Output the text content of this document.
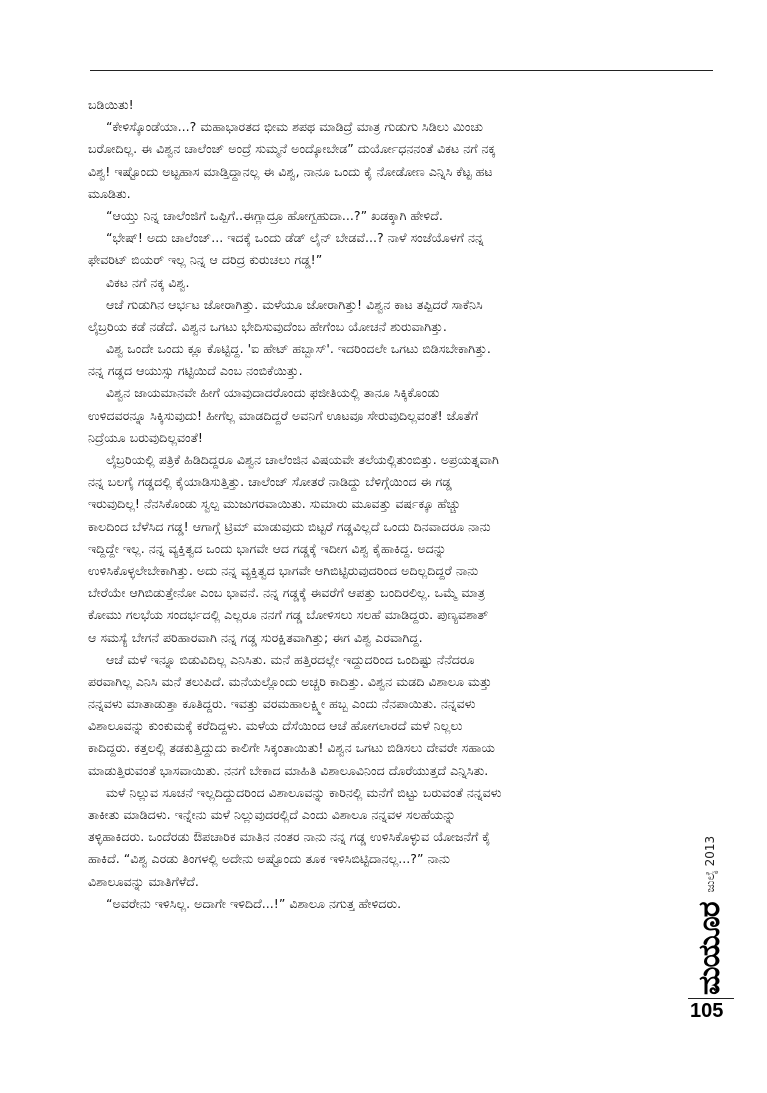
ಬಡಿಯಿತು!
“ಕೇಳಿಸ್ಕೊಂಡೆಯಾ...? ಮಹಾಭಾರತದ ಭೀಮ ಶಪಥ ಮಾಡಿದ್ರೆ ಮಾತ್ರ ಗುಡುಗು ಸಿಡಿಲು ಮಿಂಚು
ಬರೋದಿಲ್ಲ. ಈ ವಿಶ್ವನ ಚಾಲೆಂಜ್ ಅಂದ್ರೆ ಸುಮ್ಮನೆ ಅಂದ್ಕೋಬೇಡ” ದುರ್ಯೋಧನನಂತೆ ವಿಕಟ ನಗೆ ನಕ್ಕ
ವಿಶ್ವ! ಇಷ್ಟೊಂದು ಅಟ್ಟಹಾಸ ಮಾಡ್ತಿದ್ದಾನಲ್ಲ ಈ ವಿಶ್ವ, ನಾನೂ ಒಂದು ಕೈ ನೋಡೋಣ ಎನ್ನಿಸಿ ಕೆಟ್ಟ ಹಟ
ಮೂಡಿತು.
“ಆಯ್ತು ನಿನ್ನ ಚಾಲೆಂಜಿಗೆ ಒಪ್ಪಿಗೆ..ಈಗ್ಲಾದ್ರೂ ಹೋಗ್ಬಹುದಾ...?” ಖಡಕ್ಕಾಗಿ ಹೇಳಿದೆ.
“ಭೇಷ್! ಅದು ಚಾಲೆಂಜ್... ಇದಕ್ಕೆ ಒಂದು ಡೆಡ್ ಲೈನ್ ಬೇಡವೆ...? ನಾಳೆ ಸಂಜೆಯೊಳಗೆ ನನ್ನ
ಫೇವರಿಟ್ ಬಿಯರ್ ಇಲ್ಲ ನಿನ್ನ ಆ ದರಿದ್ರ ಕುರುಚಲು ಗಡ್ಡ!”
ವಿಕಟ ನಗೆ ನಕ್ಕ ವಿಶ್ವ.
ಆಚೆ ಗುಡುಗಿನ ಆರ್ಭಟ ಜೋರಾಗಿತ್ತು. ಮಳೆಯೂ ಜೋರಾಗಿತ್ತು! ವಿಶ್ವನ ಕಾಟ ತಪ್ಪಿದರೆ ಸಾಕೆನಿಸಿ
ಲೈಬ್ರರಿಯ ಕಡೆ ನಡೆದೆ. ವಿಶ್ವನ ಒಗಟು ಭೇದಿಸುವುದೆಂಬ ಹೇಗೆಂಬ ಯೋಚನೆ ಶುರುವಾಗಿತ್ತು.
ವಿಶ್ವ ಒಂದೇ ಒಂದು ಕ್ಲೂ ಕೊಟ್ಟಿದ್ದ. 'ಐ ಹೇಟ್ ಹಬ್ಬಾಸ್'. ಇದರಿಂದಲೇ ಒಗಟು ಬಿಡಿಸಬೇಕಾಗಿತ್ತು.
ನನ್ನ ಗಡ್ಡದ ಆಯುಸ್ಸು ಗಟ್ಟಿಯಿದೆ ಎಂಬ ನಂಬಿಕೆಯಿತ್ತು.
ವಿಶ್ವನ ಜಾಯಮಾನವೇ ಹೀಗೆ ಯಾವುದಾದರೊಂದು ಫಜೀತಿಯಲ್ಲಿ ತಾನೂ ಸಿಕ್ಕಿಕೊಂಡು
ಉಳಿದವರನ್ನೂ ಸಿಕ್ಕಿಸುವುದು! ಹೀಗೆಲ್ಲ ಮಾಡದಿದ್ದರೆ ಅವನಿಗೆ ಊಟವೂ ಸೇರುವುದಿಲ್ಲವಂತೆ! ಜೊತೆಗೆ
ನಿದ್ರೆಯೂ ಬರುವುದಿಲ್ಲವಂತೆ!
ಲೈಬ್ರರಿಯಲ್ಲಿ ಪತ್ರಿಕೆ ಹಿಡಿದಿದ್ದರೂ ವಿಶ್ವನ ಚಾಲೆಂಜಿನ ವಿಷಯವೇ ತಲೆಯಲ್ಲಿತುಂಬಿತ್ತು. ಅಪ್ರಯತ್ನವಾಗಿ
ನನ್ನ ಬಲಗೈ ಗಡ್ಡದಲ್ಲಿ ಕೈಯಾಡಿಸುತ್ತಿತ್ತು. ಚಾಲೆಂಜ್ ಸೋತರೆ ನಾಡಿದ್ದು ಬೆಳಿಗ್ಗೆಯಿಂದ ಈ ಗಡ್ಡ
ಇರುವುದಿಲ್ಲ! ನೆನಸಿಕೊಂಡು ಸ್ವಲ್ಪ ಮುಜುಗರವಾಯಿತು. ಸುಮಾರು ಮೂವತ್ತು ವರ್ಷಕ್ಕೂ ಹೆಚ್ಚು
ಕಾಲದಿಂದ ಬೆಳೆಸಿದ ಗಡ್ಡ! ಆಗಾಗ್ಗೆ ಟ್ರಿಮ್ ಮಾಡುವುದು ಬಿಟ್ಟರೆ ಗಡ್ಡವಿಲ್ಲದೆ ಒಂದು ದಿನವಾದರೂ ನಾನು
ಇದ್ದಿದ್ದೇ ಇಲ್ಲ. ನನ್ನ ವ್ಯಕ್ತಿತ್ವದ ಒಂದು ಭಾಗವೇ ಆದ ಗಡ್ಡಕ್ಕೆ ಇದೀಗ ವಿಶ್ವ ಕೈಹಾಕಿದ್ದ. ಅದನ್ನು
ಉಳಿಸಿಕೊಳ್ಳಲೇಬೇಕಾಗಿತ್ತು. ಅದು ನನ್ನ ವ್ಯಕ್ತಿತ್ವದ ಭಾಗವೇ ಆಗಿಬಿಟ್ಟಿರುವುದರಿಂದ ಅದಿಲ್ಲದಿದ್ದರೆ ನಾನು
ಬೇರೆಯೇ ಆಗಿಬಿಡುತ್ತೇನೋ ಎಂಬ ಭಾವನೆ. ನನ್ನ ಗಡ್ಡಕ್ಕೆ ಈವರೆಗೆ ಆಪತ್ತು ಬಂದಿರಲಿಲ್ಲ. ಒಮ್ಮೆ ಮಾತ್ರ
ಕೋಮು ಗಲಭೆಯ ಸಂದರ್ಭದಲ್ಲಿ ಎಲ್ಲರೂ ನನಗೆ ಗಡ್ಡ ಬೋಳಿಸಲು ಸಲಹೆ ಮಾಡಿದ್ದರು. ಪುಣ್ಯವಶಾತ್
ಆ ಸಮಸ್ಯೆ ಬೇಗನೆ ಪರಿಹಾರವಾಗಿ ನನ್ನ ಗಡ್ಡ ಸುರಕ್ಷಿತವಾಗಿತ್ತು; ಈಗ ವಿಶ್ವ ಎರವಾಗಿದ್ದ.
ಆಚೆ ಮಳೆ ಇನ್ನೂ ಬಿಡುವಿದಿಲ್ಲ ಎನಿಸಿತು. ಮನೆ ಹತ್ತಿರದಲ್ಲೇ ಇದ್ದುದರಿಂದ ಒಂದಿಷ್ಟು ನೆನೆದರೂ
ಪರವಾಗಿಲ್ಲ ಎನಿಸಿ ಮನೆ ತಲುಪಿದೆ. ಮನೆಯಲ್ಲೊಂದು ಅಚ್ಚರಿ ಕಾದಿತ್ತು. ವಿಶ್ವನ ಮಡದಿ ವಿಶಾಲೂ ಮತ್ತು
ನನ್ನವಳು ಮಾತಾಡುತ್ತಾ ಕೂತಿದ್ದರು. ಇವತ್ತು ವರಮಹಾಲಕ್ಷ್ಮೀ ಹಬ್ಬ ಎಂದು ನೆನಪಾಯಿತು. ನನ್ನವಳು
ವಿಶಾಲೂವನ್ನು ಕುಂಕುಮಕ್ಕೆ ಕರೆದಿದ್ದಳು. ಮಳೆಯ ದೆಸೆಯಿಂದ ಆಚೆ ಹೋಗಲಾರದೆ ಮಳೆ ನಿಲ್ಲಲು
ಕಾದಿದ್ದರು. ಕತ್ತಲಲ್ಲಿ ತಡಕುತ್ತಿದ್ದುದು ಕಾಲಿಗೇ ಸಿಕ್ಕಂತಾಯಿತು! ವಿಶ್ವನ ಒಗಟು ಬಿಡಿಸಲು ದೇವರೇ ಸಹಾಯ
ಮಾಡುತ್ತಿರುವಂತೆ ಭಾಸವಾಯಿತು. ನನಗೆ ಬೇಕಾದ ಮಾಹಿತಿ ವಿಶಾಲೂವಿನಿಂದ ದೊರೆಯುತ್ತದೆ ಎನ್ನಿಸಿತು.
ಮಳೆ ನಿಲ್ಲುವ ಸೂಚನೆ ಇಲ್ಲದಿದ್ದುದರಿಂದ ವಿಶಾಲೂವನ್ನು ಕಾರಿನಲ್ಲಿ ಮನೆಗೆ ಬಿಟ್ಟು ಬರುವಂತೆ ನನ್ನವಳು
ತಾಕೀತು ಮಾಡಿದಳು. ಇನ್ನೇನು ಮಳೆ ನಿಲ್ಲುವುದರಲ್ಲಿದೆ ಎಂದು ವಿಶಾಲೂ ನನ್ನವಳ ಸಲಹೆಯನ್ನು
ತಳ್ಳಿಹಾಕಿದರು. ಒಂದೆರಡು ಔಪಚಾರಿಕ ಮಾತಿನ ನಂತರ ನಾನು ನನ್ನ ಗಡ್ಡ ಉಳಿಸಿಕೊಳ್ಳುವ ಯೋಜನೆಗೆ ಕೈ
ಹಾಕಿದೆ. “ವಿಶ್ವ ಎರಡು ತಿಂಗಳಲ್ಲಿ ಅದೇನು ಅಷ್ಟೊಂದು ತೂಕ ಇಳಿಸಿಬಿಟ್ಟಿದಾನಲ್ಲ...?” ನಾನು
ವಿಶಾಲೂವನ್ನು ಮಾತಿಗೆಳೆದೆ.
“ಅವರೇನು ಇಳಿಸಿಲ್ಲ. ಅದಾಗೇ ಇಳಿದಿದೆ...!” ವಿಶಾಲೂ ನಗುತ್ತ ಹೇಳಿದರು.	ಮಯೂರ
ಜುಲೈ 2013
105
